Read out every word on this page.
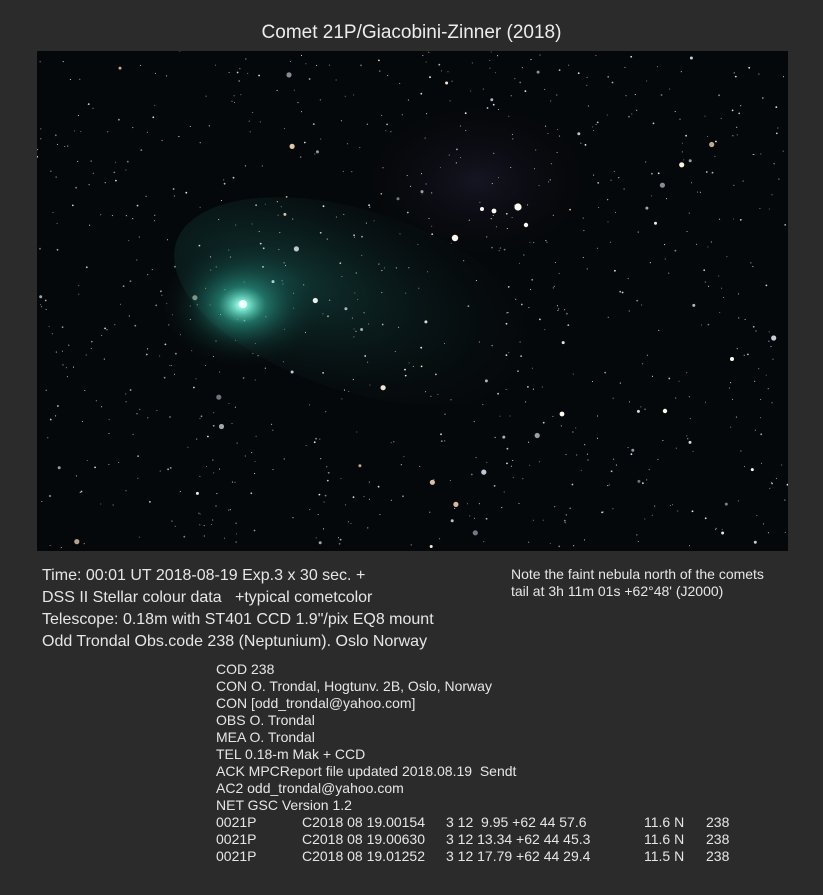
Comet 21P/Giacobini-Zinner (2018)
Time: 00:01 UT 2018-08-19 Exp.3 x 30 sec. +
DSS II Stellar colour data   +typical cometcolor
Telescope: 0.18m with ST401 CCD 1.9"/pix EQ8 mount
Odd Trondal Obs.code 238 (Neptunium). Oslo Norway
Note the faint nebula north of the comets
tail at 3h 11m 01s +62°48' (J2000)
COD 238
CON O. Trondal, Hogtunv. 2B, Oslo, Norway
CON [odd_trondal@yahoo.com]
OBS O. Trondal
MEA O. Trondal
TEL 0.18-m Mak + CCD
ACK MPCReport file updated 2018.08.19  Sendt
AC2 odd_trondal@yahoo.com
NET GSC Version 1.2
0021P	C2018 08 19.00154	3 12  9.95 +62 44 57.6	11.6 N	238
0021P	C2018 08 19.00630	3 12 13.34 +62 44 45.3	11.6 N	238
0021P	C2018 08 19.01252	3 12 17.79 +62 44 29.4	11.5 N	238
